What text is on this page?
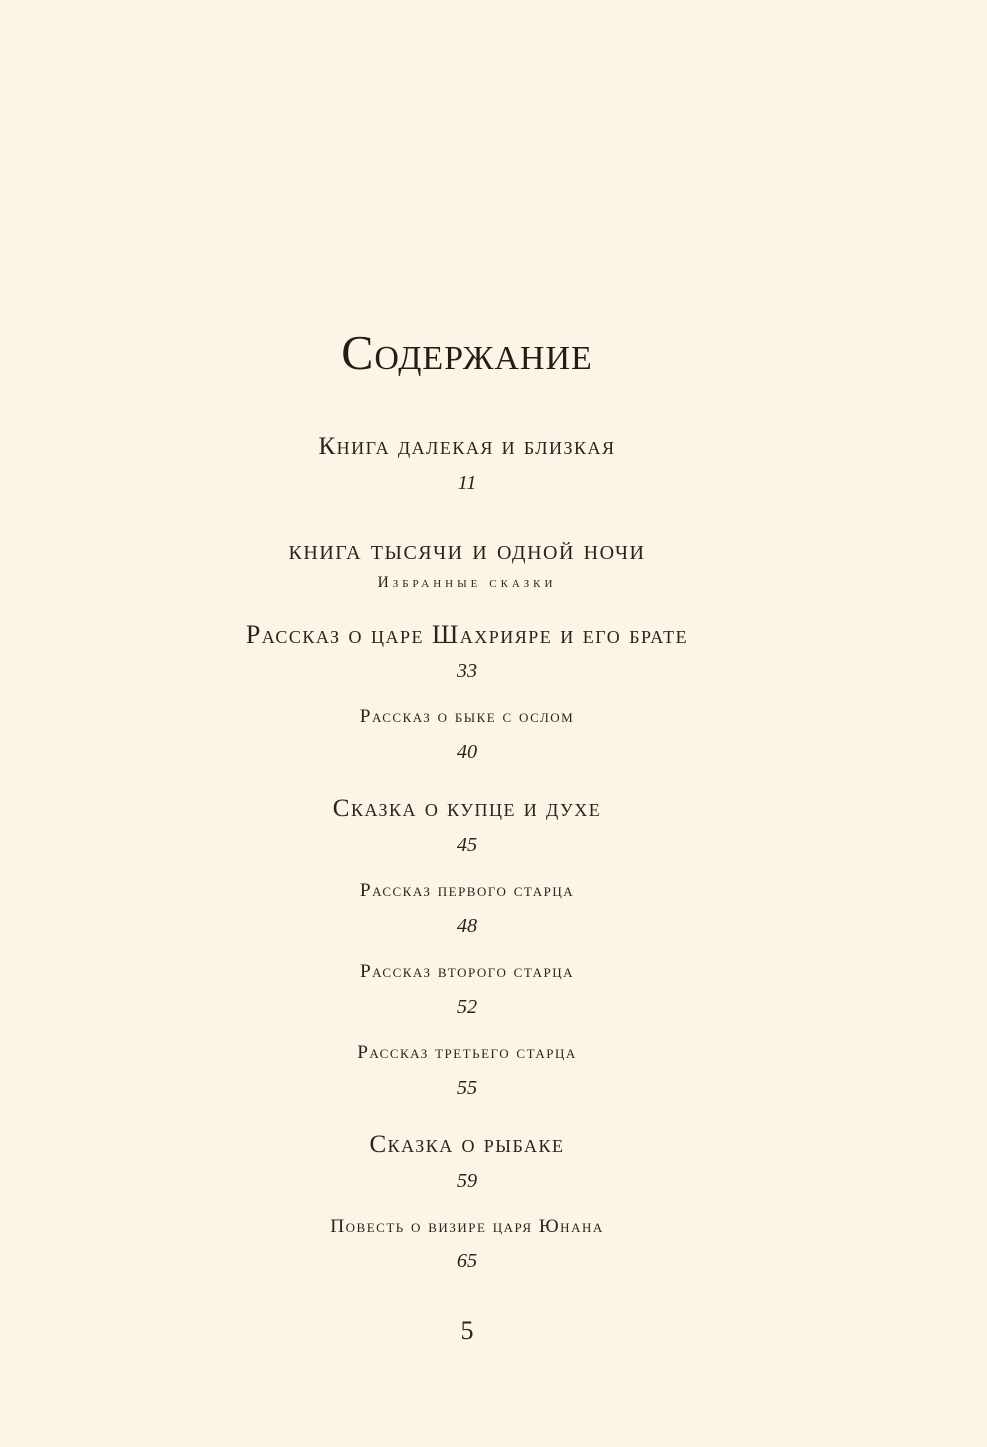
Содержание
Книга далекая и близкая
11
книга тысячи и одной ночи
Избранные сказки
Рассказ о царе Шахрияре и его брате
33
Рассказ о быке с ослом
40
Сказка о купце и духе
45
Рассказ первого старца
48
Рассказ второго старца
52
Рассказ третьего старца
55
Сказка о рыбаке
59
Повесть о визире царя Юнана
65
5
